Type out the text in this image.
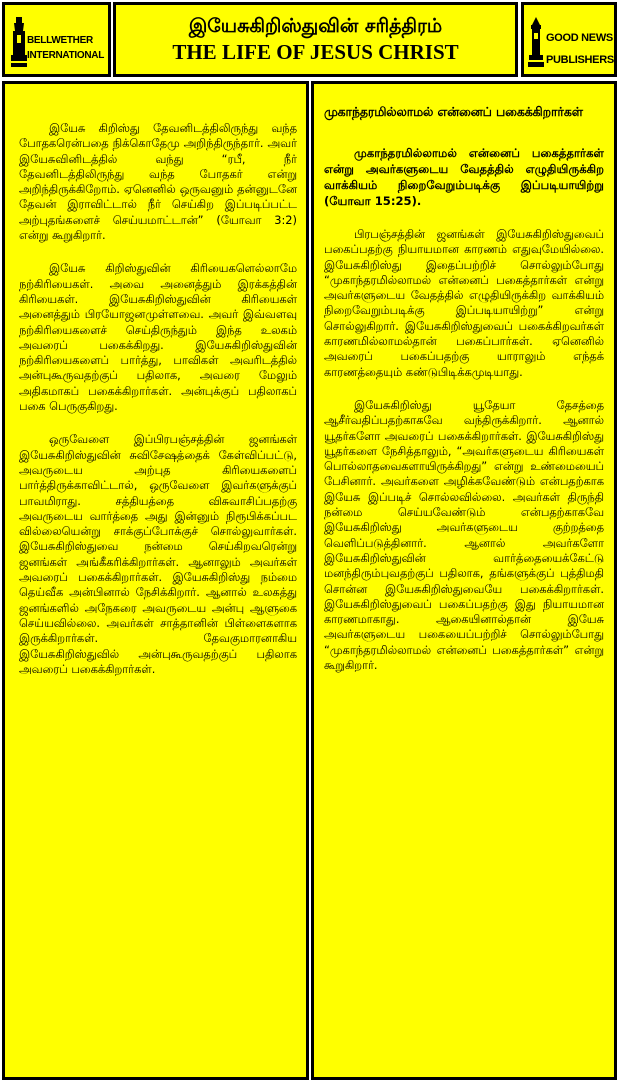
BELLWETHER
INTERNATIONAL
இயேசுகிறிஸ்துவின் சரித்திரம்
THE LIFE OF JESUS CHRIST
GOOD NEWS
PUBLISHERS

இயேசு கிறிஸ்து தேவனிடத்திலிருந்து வந்த போதகரென்பதை நிக்கொதேமு அறிந்திருந்தார். அவர் இயேசுவினிடத்தில் வந்து “ரபீ, நீர் தேவனிடத்திலிருந்து வந்த போதகர் என்று அறிந்திருக்கிறோம். ஏனெனில் ஒருவனும் தன்னுடனே தேவன் இராவிட்டால் நீர் செய்கிற இப்படிப்பட்ட அற்புதங்களைச் செய்யமாட்டான்” (யோவா 3:2) என்று கூறுகிறார்.

இயேசு கிறிஸ்துவின் கிரியைகளெல்லாமே நற்கிரியைகள். அவை அனைத்தும் இரக்கத்தின் கிரியைகள். இயேசுகிறிஸ்துவின் கிரியைகள் அனைத்தும் பிரயோஜனமுள்ளவை. அவர் இவ்வளவு நற்கிரியைகளைச் செய்திருந்தும் இந்த உலகம் அவரைப் பகைக்கிறது. இயேசுகிறிஸ்துவின் நற்கிரியைகளைப் பார்த்து, பாவிகள் அவரிடத்தில் அன்புகூருவதற்குப் பதிலாக, அவரை மேலும் அதிகமாகப் பகைக்கிறார்கள். அன்புக்குப் பதிலாகப் பகை பெருகுகிறது.

ஒருவேளை இப்பிரபஞ்சத்தின் ஜனங்கள் இயேசுகிறிஸ்துவின் சுவிசேஷத்தைக் கேள்விப்பட்டு, அவருடைய அற்புத கிரியைகளைப் பார்த்திருக்காவிட்டால், ஒருவேளை இவர்களுக்குப் பாவமிராது. சத்தியத்தை விசுவாசிப்பதற்கு அவருடைய வார்த்தை அது இன்னும் நிரூபிக்கப்பட வில்லையென்று சாக்குப்போக்குச் சொல்லுவார்கள். இயேசுகிறிஸ்துவை நன்மை செய்கிறவரென்று ஜனங்கள் அங்கீகரிக்கிறார்கள். ஆனாலும் அவர்கள் அவரைப் பகைக்கிறார்கள். இயேசுகிறிஸ்து நம்மை தெய்வீக அன்பினால் நேசிக்கிறார். ஆனால் உலகத்து ஜனங்களில் அநேகரை அவருடைய அன்பு ஆளுகை செய்யவில்லை. அவர்கள் சாத்தானின் பிள்ளைகளாக இருக்கிறார்கள். தேவகுமாரனாகிய இயேசுகிறிஸ்துவில் அன்புகூருவதற்குப் பதிலாக அவரைப் பகைக்கிறார்கள்.

முகாந்தரமில்லாமல் என்னைப் பகைக்கிறார்கள்

முகாந்தரமில்லாமல் என்னைப் பகைத்தார்கள் என்று அவர்களுடைய வேதத்தில் எழுதியிருக்கிற வாக்கியம் நிறைவேறும்படிக்கு இப்படியாயிற்று (யோவா 15:25).

பிரபஞ்சத்தின் ஜனங்கள் இயேசுகிறிஸ்துவைப் பகைப்பதற்கு நியாயமான காரணம் எதுவுமேயில்லை. இயேசுகிறிஸ்து இதைப்பற்றிச் சொல்லும்போது “முகாந்தரமில்லாமல் என்னைப் பகைத்தார்கள் என்று அவர்களுடைய வேதத்தில் எழுதியிருக்கிற வாக்கியம் நிறைவேறும்படிக்கு இப்படியாயிற்று” என்று சொல்லுகிறார். இயேசுகிறிஸ்துவைப் பகைக்கிறவர்கள் காரணமில்லாமல்தான் பகைப்பார்கள். ஏனெனில் அவரைப் பகைப்பதற்கு யாராலும் எந்தக் காரணத்தையும் கண்டுபிடிக்கமுடியாது.

இயேசுகிறிஸ்து யூதேயா தேசத்தை ஆசீர்வதிப்பதற்காகவே வந்திருக்கிறார். ஆனால் யூதர்களோ அவரைப் பகைக்கிறார்கள். இயேசுகிறிஸ்து யூதர்களை நேசித்தாலும், “அவர்களுடைய கிரியைகள் பொல்லாதவைகளாயிருக்கிறது” என்று உண்மையைப் பேசினார். அவர்களை அழிக்கவேண்டும் என்பதற்காக இயேசு இப்படிச் சொல்லவில்லை. அவர்கள் திருந்தி நன்மை செய்யவேண்டும் என்பதற்காகவே இயேசுகிறிஸ்து அவர்களுடைய குற்றத்தை வெளிப்படுத்தினார். ஆனால் அவர்களோ இயேசுகிறிஸ்துவின் வார்த்தையைக்கேட்டு மனந்திரும்புவதற்குப் பதிலாக, தங்களுக்குப் புத்திமதி சொன்ன இயேசுகிறிஸ்துவையே பகைக்கிறார்கள். இயேசுகிறிஸ்துவைப் பகைப்பதற்கு இது நியாயமான காரணமாகாது. ஆகையினால்தான் இயேசு அவர்களுடைய பகையைப்பற்றிச் சொல்லும்போது “முகாந்தரமில்லாமல் என்னைப் பகைத்தார்கள்” என்று கூறுகிறார்.
